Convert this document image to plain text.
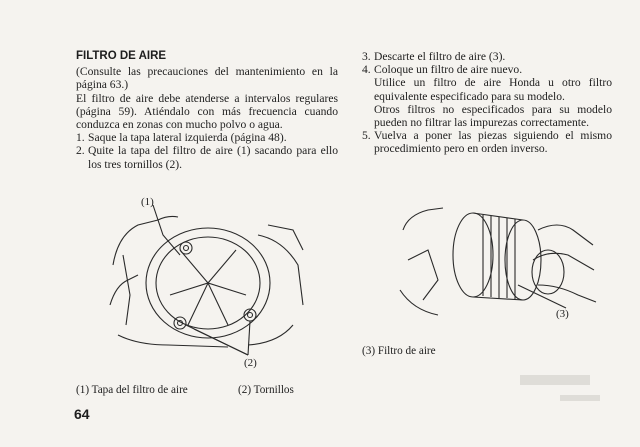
FILTRO DE AIRE

(Consulte las precauciones del mantenimiento en la página 63.)

El filtro de aire debe atenderse a intervalos regulares (página 59). Atiéndalo con más frecuencia cuando conduzca en zonas con mucho polvo o agua.

1. Saque la tapa lateral izquierda (página 48).
2. Quite la tapa del filtro de aire (1) sacando para ello los tres tornillos (2).
3. Descarte el filtro de aire (3).
4. Coloque un filtro de aire nuevo.

Utilice un filtro de aire Honda u otro filtro equivalente especificado para su modelo.

Otros filtros no especificados para su modelo pueden no filtrar las impurezas correctamente.

5. Vuelva a poner las piezas siguiendo el mismo procedimiento pero en orden inverso.
(1)
(2)
(3)
(1) Tapa del filtro de aire	(2) Tornillos
(3) Filtro de aire
64
